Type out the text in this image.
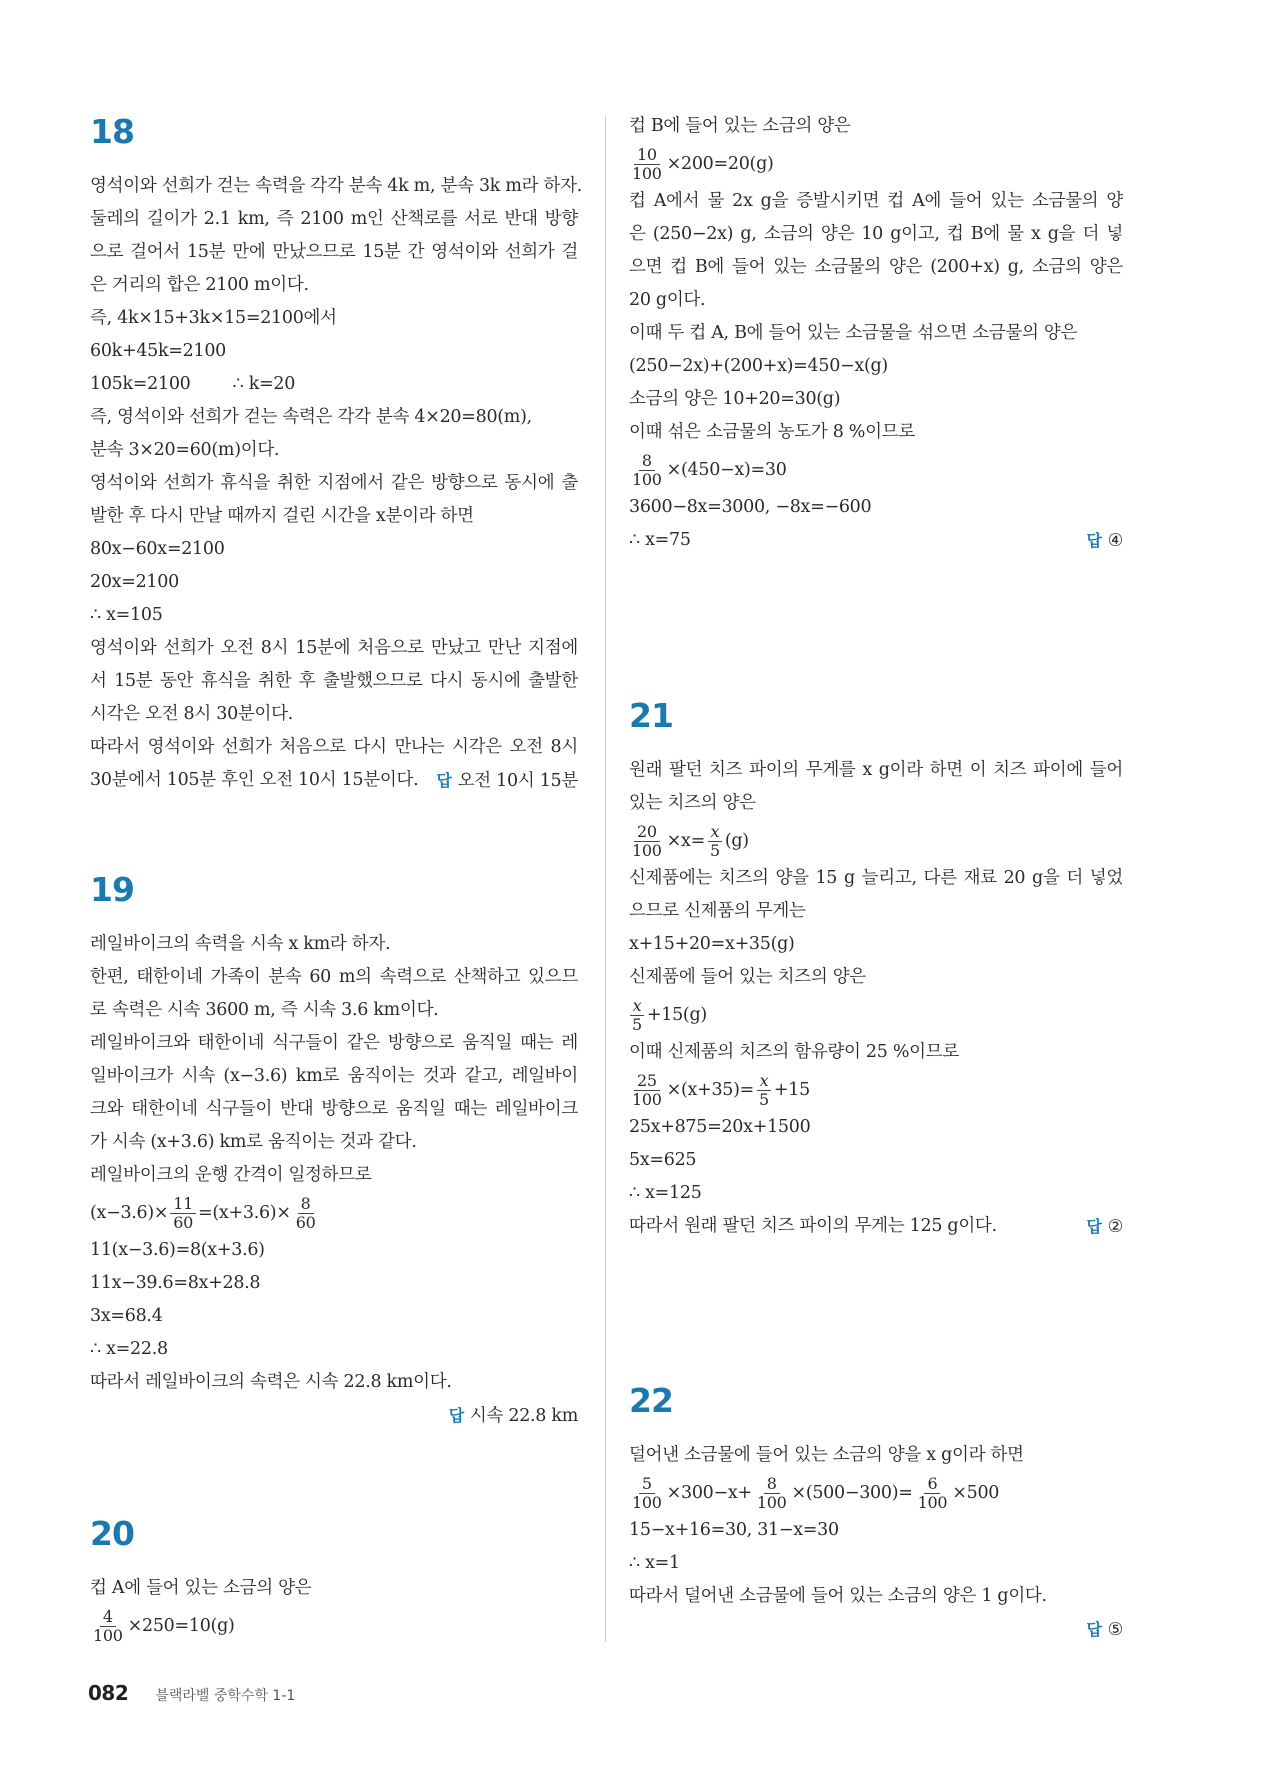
18
영석이와 선희가 걷는 속력을 각각 분속 4k m, 분속 3k m라 하자.
둘레의 길이가 2.1 km, 즉 2100 m인 산책로를 서로 반대 방향
으로 걸어서 15분 만에 만났으므로 15분 간 영석이와 선희가 걸
은 거리의 합은 2100 m이다.
즉, 4k×15+3k×15=2100에서
60k+45k=2100
105k=2100        ∴ k=20
즉, 영석이와 선희가 걷는 속력은 각각 분속 4×20=80(m),
분속 3×20=60(m)이다.
영석이와 선희가 휴식을 취한 지점에서 같은 방향으로 동시에 출
발한 후 다시 만날 때까지 걸린 시간을 x분이라 하면
80x−60x=2100
20x=2100
∴ x=105
영석이와 선희가 오전 8시 15분에 처음으로 만났고 만난 지점에
서 15분 동안 휴식을 취한 후 출발했으므로 다시 동시에 출발한
시각은 오전 8시 30분이다.
따라서 영석이와 선희가 처음으로 다시 만나는 시각은 오전 8시
30분에서 105분 후인 오전 10시 15분이다. 답 오전 10시 15분
19
레일바이크의 속력을 시속 x km라 하자.
한편, 태한이네 가족이 분속 60 m의 속력으로 산책하고 있으므
로 속력은 시속 3600 m, 즉 시속 3.6 km이다.
레일바이크와 태한이네 식구들이 같은 방향으로 움직일 때는 레
일바이크가 시속 (x−3.6) km로 움직이는 것과 같고, 레일바이
크와 태한이네 식구들이 반대 방향으로 움직일 때는 레일바이크
가 시속 (x+3.6) km로 움직이는 것과 같다.
레일바이크의 운행 간격이 일정하므로
$(x-3.6)\times \frac{11}{60} =(x+3.6)\times \frac{8}{60}$
11(x−3.6)=8(x+3.6)
11x−39.6=8x+28.8
3x=68.4
∴ x=22.8
따라서 레일바이크의 속력은 시속 22.8 km이다.
답 시속 22.8 km
20
컵 A에 들어 있는 소금의 양은
$\frac{4}{100} \times 250=10(g)$
컵 B에 들어 있는 소금의 양은
$\frac{10}{100} \times 200=20(g)$
컵 A에서 물 2x g을 증발시키면 컵 A에 들어 있는 소금물의 양
은 (250−2x) g, 소금의 양은 10 g이고, 컵 B에 물 x g을 더 넣
으면 컵 B에 들어 있는 소금물의 양은 (200+x) g, 소금의 양은
20 g이다.
이때 두 컵 A, B에 들어 있는 소금물을 섞으면 소금물의 양은
(250−2x)+(200+x)=450−x(g)
소금의 양은 10+20=30(g)
이때 섞은 소금물의 농도가 8 %이므로
$\frac{8}{100} \times(450-x)=30$
3600−8x=3000, −8x=−600
∴ x=75	답 ④
21
원래 팔던 치즈 파이의 무게를 x g이라 하면 이 치즈 파이에 들어
있는 치즈의 양은
$\frac{20}{100} \times x= \frac{x}{5} (g)$
신제품에는 치즈의 양을 15 g 늘리고, 다른 재료 20 g을 더 넣었
으므로 신제품의 무게는
x+15+20=x+35(g)
신제품에 들어 있는 치즈의 양은
$\frac{x}{5} +15(g)$
이때 신제품의 치즈의 함유량이 25 %이므로
$\frac{25}{100} \times(x+35)= \frac{x}{5} +15$
25x+875=20x+1500
5x=625
∴ x=125
따라서 원래 팔던 치즈 파이의 무게는 125 g이다.	답 ②
22
덜어낸 소금물에 들어 있는 소금의 양을 x g이라 하면
$\frac{5}{100} \times 300-x+ \frac{8}{100} \times(500-300)= \frac{6}{100} \times 500$
15−x+16=30, 31−x=30
∴ x=1
따라서 덜어낸 소금물에 들어 있는 소금의 양은 1 g이다.
답 ⑤
082 블랙라벨 중학수학 1-1
